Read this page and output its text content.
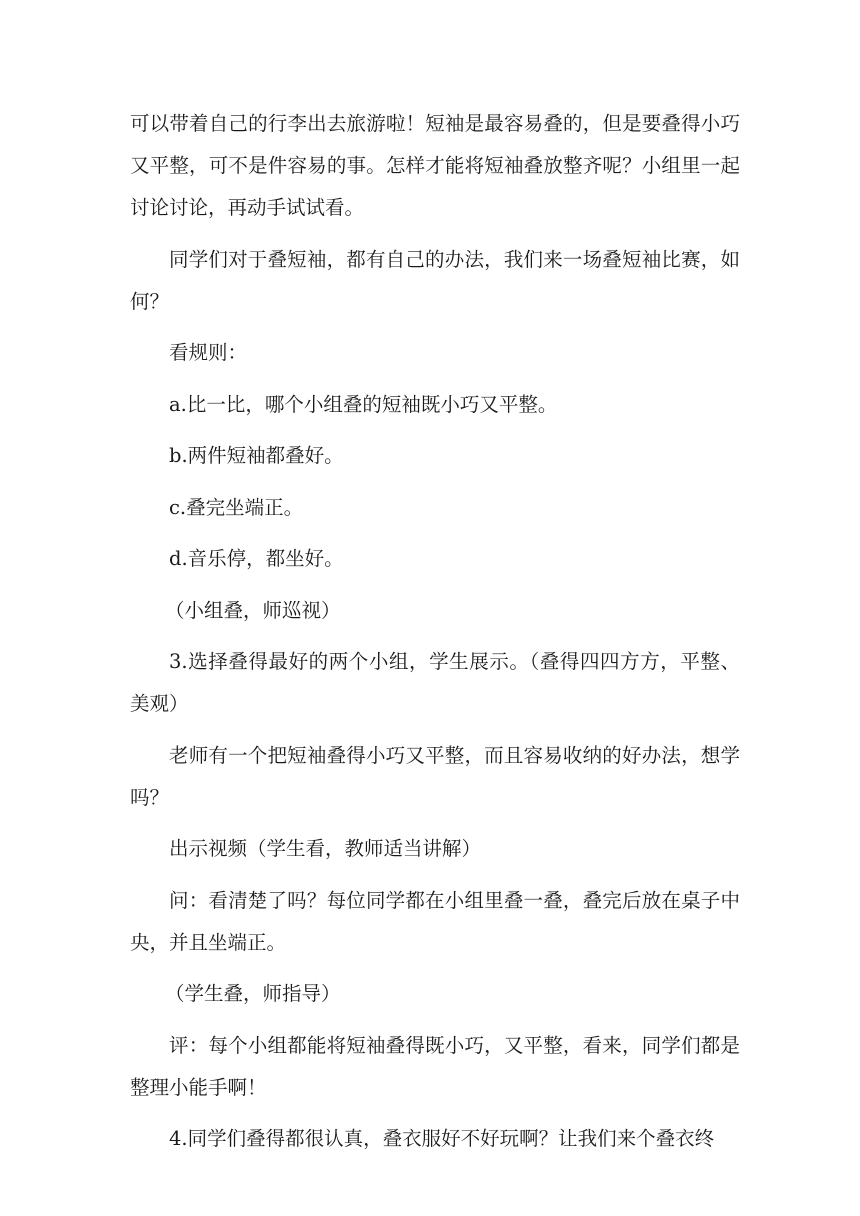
可以带着自己的行李出去旅游啦！短袖是最容易叠的，但是要叠得小巧又平整，可不是件容易的事。怎样才能将短袖叠放整齐呢？小组里一起讨论讨论，再动手试试看。

同学们对于叠短袖，都有自己的办法，我们来一场叠短袖比赛，如何？

看规则：

a.比一比，哪个小组叠的短袖既小巧又平整。

b.两件短袖都叠好。

c.叠完坐端正。

d.音乐停，都坐好。

（小组叠，师巡视）

3.选择叠得最好的两个小组，学生展示。（叠得四四方方，平整、美观）

老师有一个把短袖叠得小巧又平整，而且容易收纳的好办法，想学吗？

出示视频（学生看，教师适当讲解）

问：看清楚了吗？每位同学都在小组里叠一叠，叠完后放在桌子中央，并且坐端正。

（学生叠，师指导）

评：每个小组都能将短袖叠得既小巧，又平整，看来，同学们都是整理小能手啊！

4.同学们叠得都很认真，叠衣服好不好玩啊？让我们来个叠衣终
